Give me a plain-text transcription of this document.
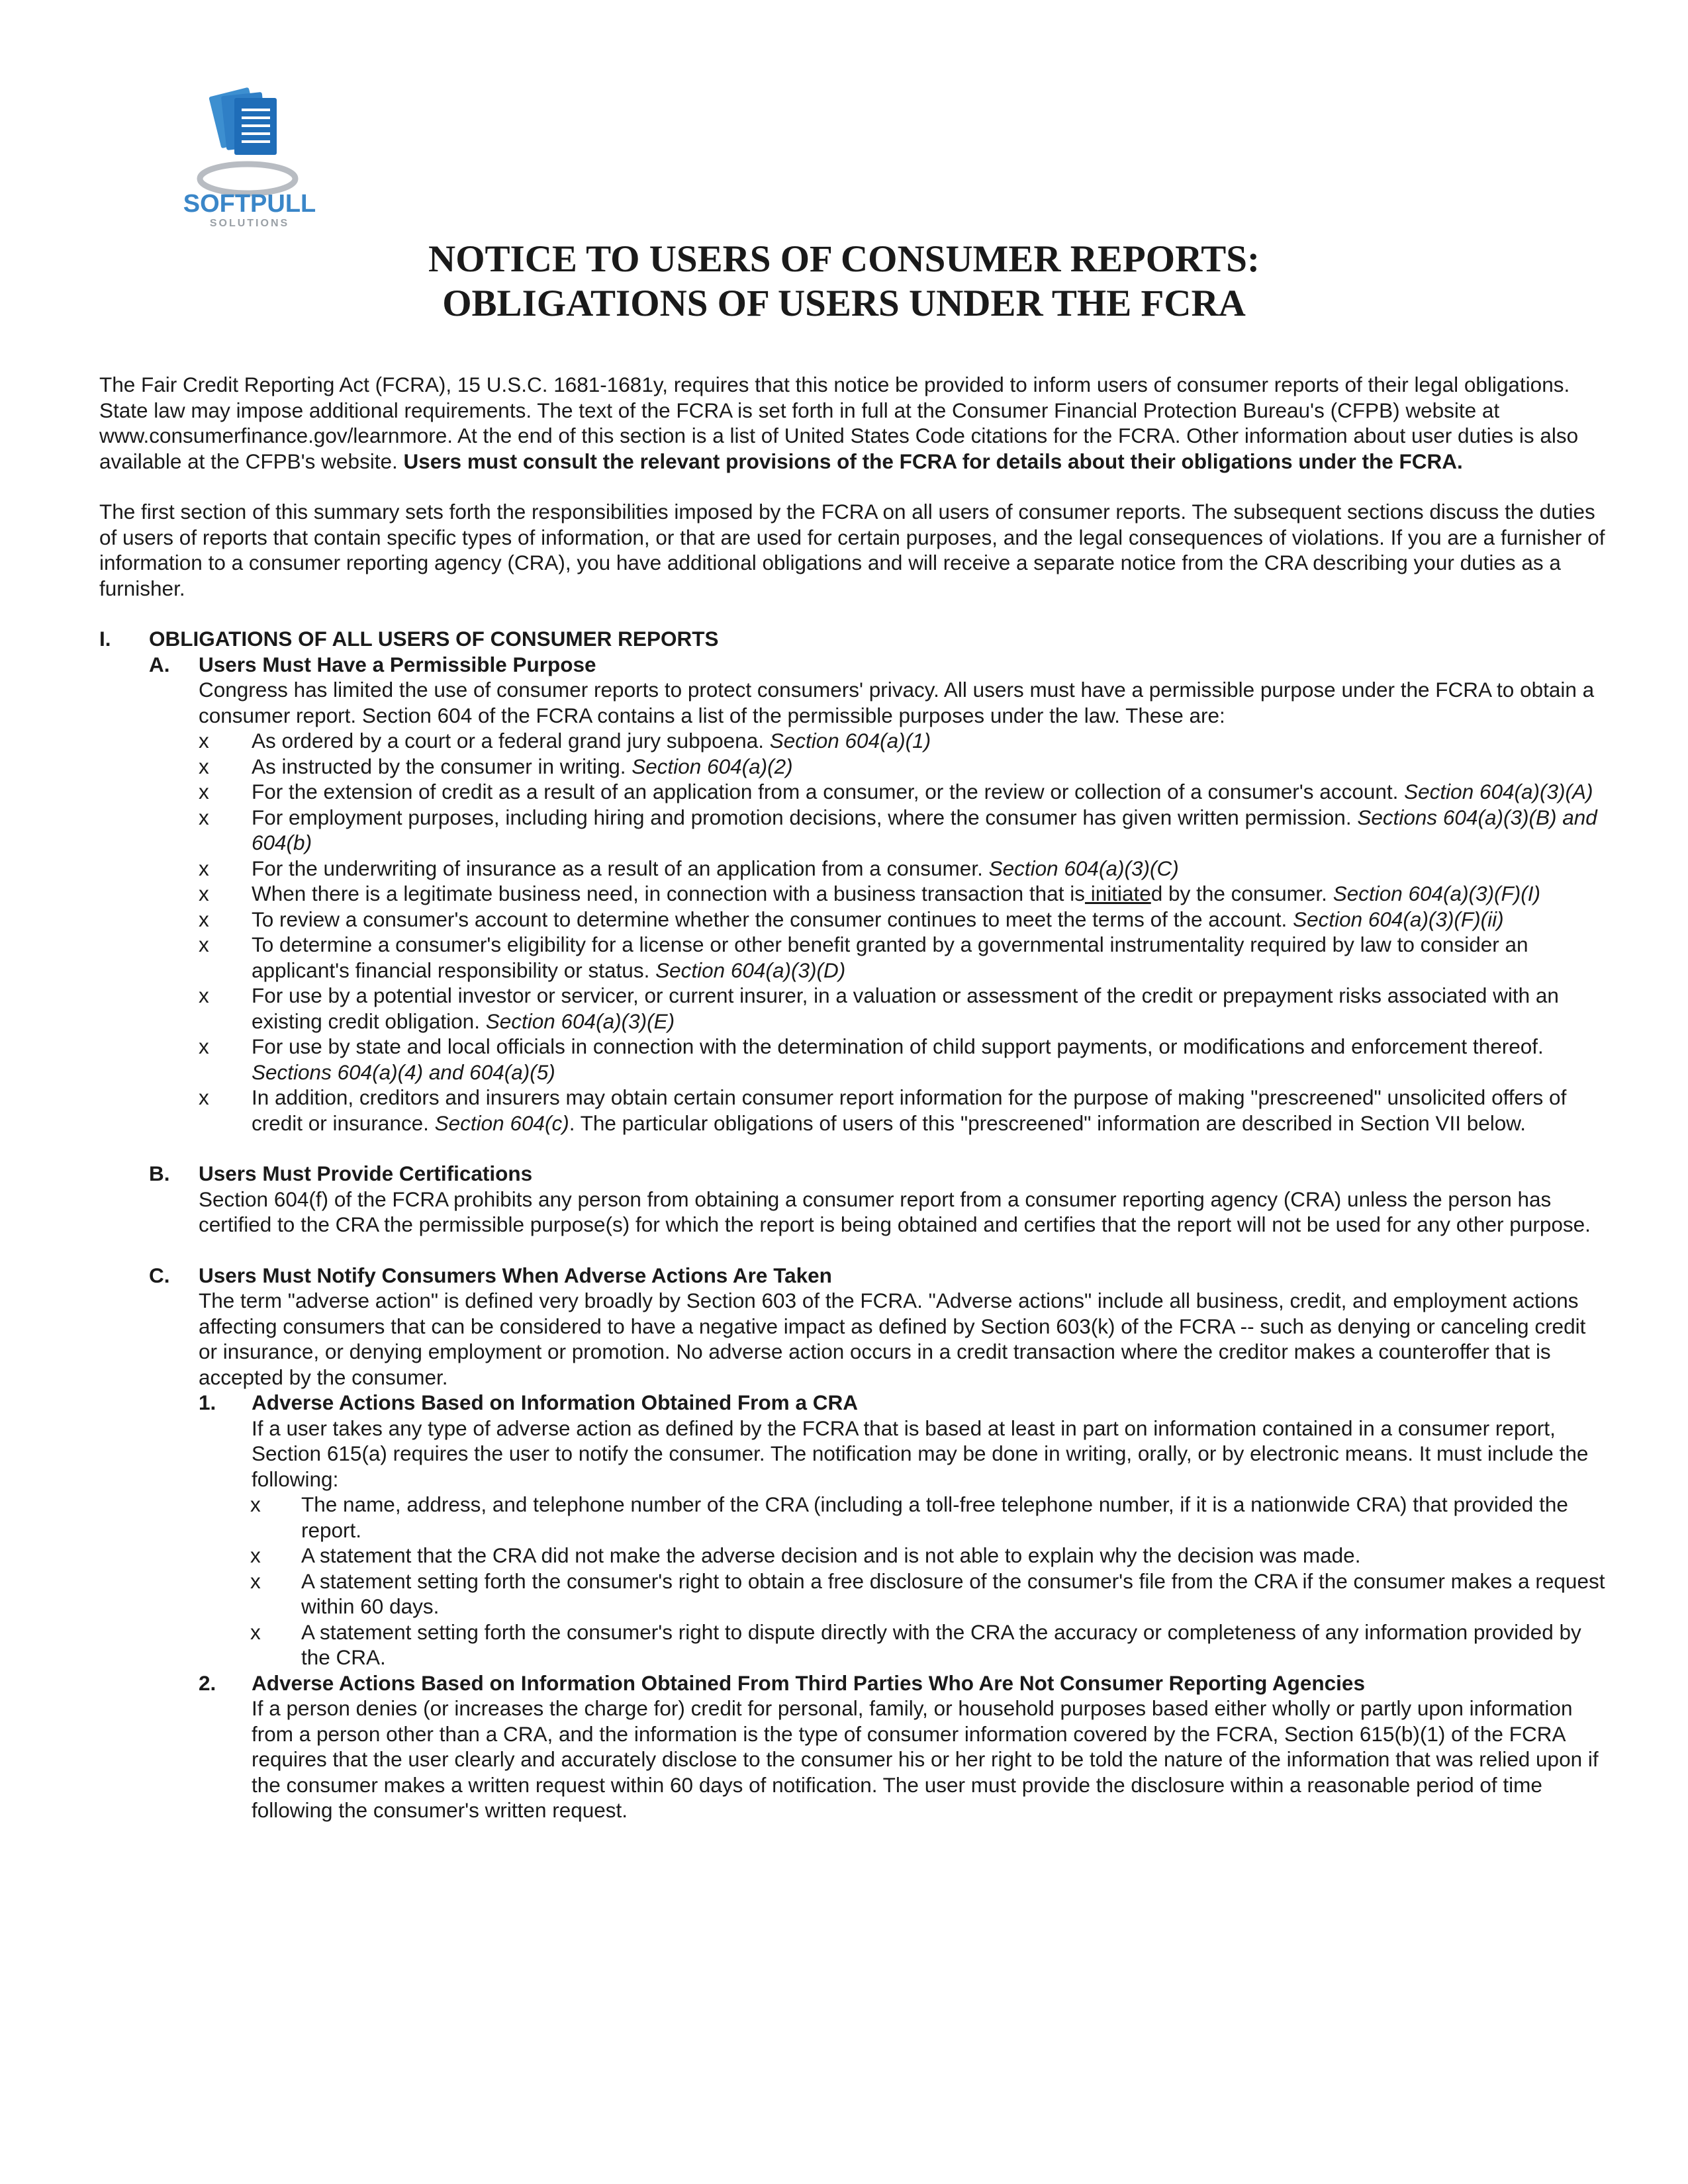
SOFTPULL
SOLUTIONS
NOTICE TO USERS OF CONSUMER REPORTS:
OBLIGATIONS OF USERS UNDER THE FCRA

The Fair Credit Reporting Act (FCRA), 15 U.S.C. 1681-1681y, requires that this notice be provided to inform users of consumer reports of their legal obligations. State law may impose additional requirements. The text of the FCRA is set forth in full at the Consumer Financial Protection Bureau's (CFPB) website at www.consumerfinance.gov/learnmore. At the end of this section is a list of United States Code citations for the FCRA. Other information about user duties is also available at the CFPB's website. Users must consult the relevant provisions of the FCRA for details about their obligations under the FCRA.

The first section of this summary sets forth the responsibilities imposed by the FCRA on all users of consumer reports. The subsequent sections discuss the duties of users of reports that contain specific types of information, or that are used for certain purposes, and the legal consequences of violations. If you are a furnisher of information to a consumer reporting agency (CRA), you have additional obligations and will receive a separate notice from the CRA describing your duties as a furnisher.

I.	OBLIGATIONS OF ALL USERS OF CONSUMER REPORTS
A.	Users Must Have a Permissible Purpose

Congress has limited the use of consumer reports to protect consumers' privacy. All users must have a permissible purpose under the FCRA to obtain a consumer report. Section 604 of the FCRA contains a list of the permissible purposes under the law. These are:

x As ordered by a court or a federal grand jury subpoena. Section 604(a)(1)
x As instructed by the consumer in writing. Section 604(a)(2)
x For the extension of credit as a result of an application from a consumer, or the review or collection of a consumer's account. Section 604(a)(3)(A)
x For employment purposes, including hiring and promotion decisions, where the consumer has given written permission. Sections 604(a)(3)(B) and 604(b)
x For the underwriting of insurance as a result of an application from a consumer. Section 604(a)(3)(C)
x When there is a legitimate business need, in connection with a business transaction that is initiated by the consumer. Section 604(a)(3)(F)(I)
x To review a consumer's account to determine whether the consumer continues to meet the terms of the account. Section 604(a)(3)(F)(ii)
x To determine a consumer's eligibility for a license or other benefit granted by a governmental instrumentality required by law to consider an applicant's financial responsibility or status. Section 604(a)(3)(D)
x For use by a potential investor or servicer, or current insurer, in a valuation or assessment of the credit or prepayment risks associated with an existing credit obligation. Section 604(a)(3)(E)
x For use by state and local officials in connection with the determination of child support payments, or modifications and enforcement thereof. Sections 604(a)(4) and 604(a)(5)
x In addition, creditors and insurers may obtain certain consumer report information for the purpose of making "prescreened" unsolicited offers of credit or insurance. Section 604(c). The particular obligations of users of this "prescreened" information are described in Section VII below.
B.	Users Must Provide Certifications

Section 604(f) of the FCRA prohibits any person from obtaining a consumer report from a consumer reporting agency (CRA) unless the person has certified to the CRA the permissible purpose(s) for which the report is being obtained and certifies that the report will not be used for any other purpose.

C.	Users Must Notify Consumers When Adverse Actions Are Taken

The term "adverse action" is defined very broadly by Section 603 of the FCRA. "Adverse actions" include all business, credit, and employment actions affecting consumers that can be considered to have a negative impact as defined by Section 603(k) of the FCRA -- such as denying or canceling credit or insurance, or denying employment or promotion. No adverse action occurs in a credit transaction where the creditor makes a counteroffer that is accepted by the consumer.

1.	Adverse Actions Based on Information Obtained From a CRA

If a user takes any type of adverse action as defined by the FCRA that is based at least in part on information contained in a consumer report, Section 615(a) requires the user to notify the consumer. The notification may be done in writing, orally, or by electronic means. It must include the following:

x The name, address, and telephone number of the CRA (including a toll-free telephone number, if it is a nationwide CRA) that provided the report.
x A statement that the CRA did not make the adverse decision and is not able to explain why the decision was made.
x A statement setting forth the consumer's right to obtain a free disclosure of the consumer's file from the CRA if the consumer makes a request within 60 days.
x A statement setting forth the consumer's right to dispute directly with the CRA the accuracy or completeness of any information provided by the CRA.
2.	Adverse Actions Based on Information Obtained From Third Parties Who Are Not Consumer Reporting Agencies

If a person denies (or increases the charge for) credit for personal, family, or household purposes based either wholly or partly upon information from a person other than a CRA, and the information is the type of consumer information covered by the FCRA, Section 615(b)(1) of the FCRA requires that the user clearly and accurately disclose to the consumer his or her right to be told the nature of the information that was relied upon if the consumer makes a written request within 60 days of notification. The user must provide the disclosure within a reasonable period of time following the consumer's written request.
